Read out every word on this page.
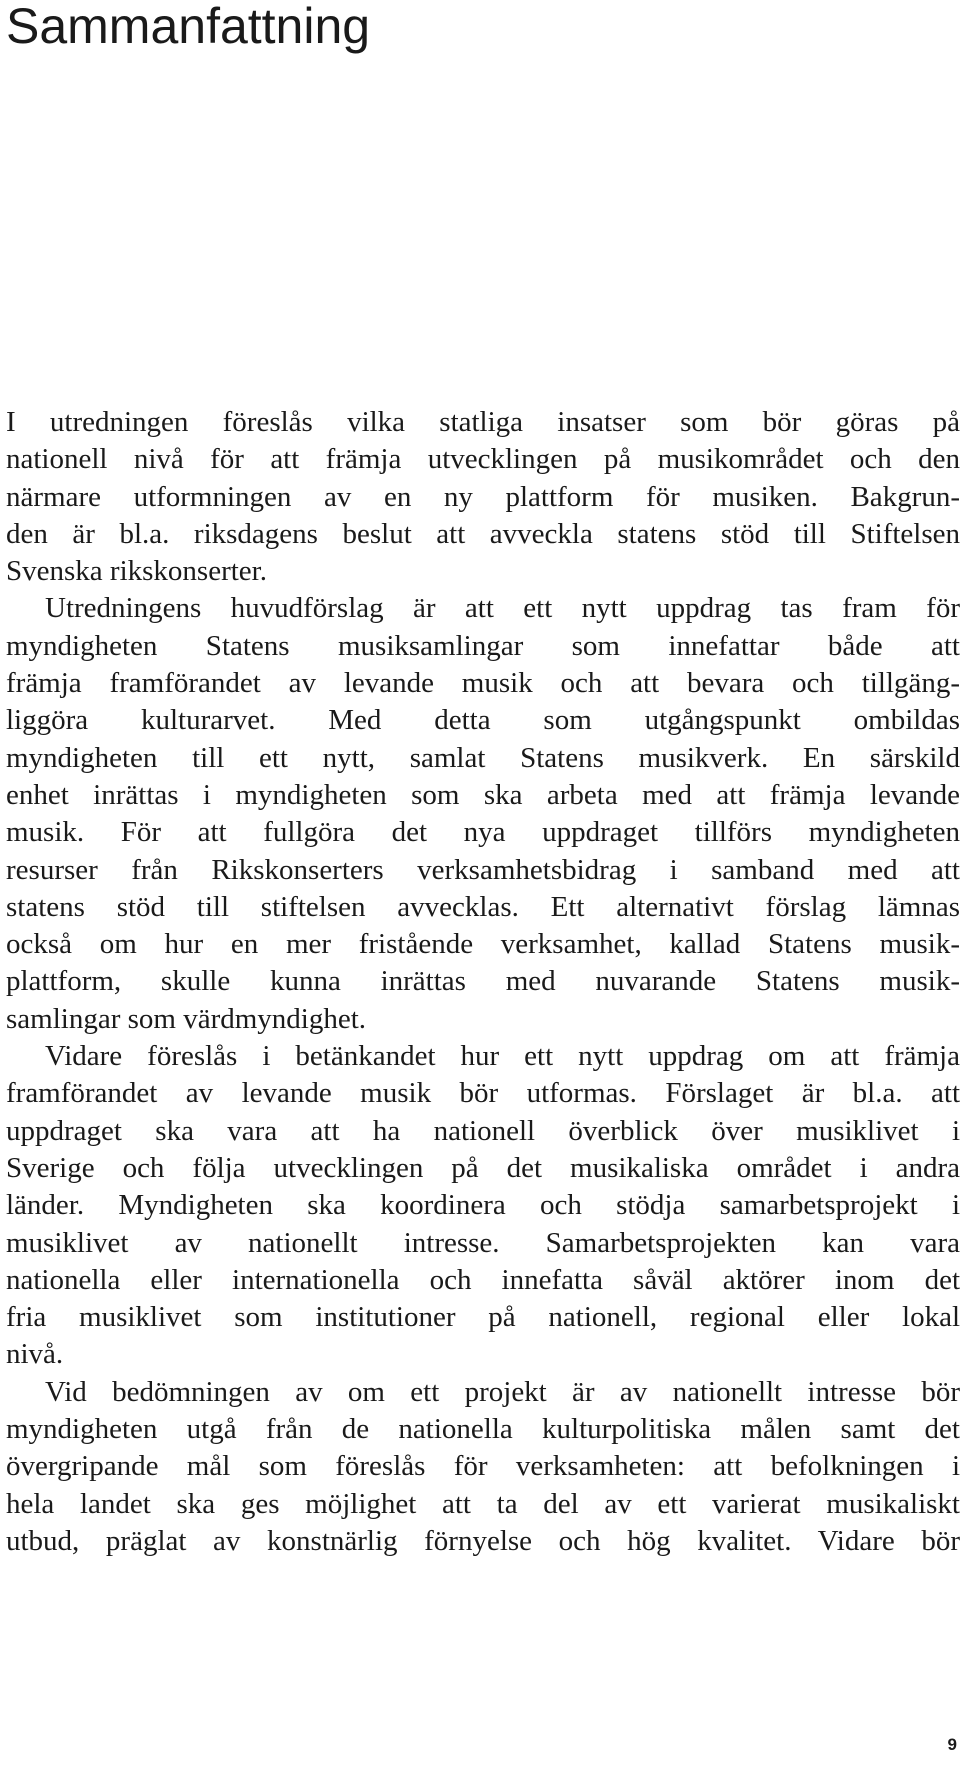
Sammanfattning
I utredningen föreslås vilka statliga insatser som bör göras på
nationell nivå för att främja utvecklingen på musikområdet och den
närmare utformningen av en ny plattform för musiken. Bakgrun-
den är bl.a. riksdagens beslut att avveckla statens stöd till Stiftelsen
Svenska rikskonserter.
Utredningens huvudförslag är att ett nytt uppdrag tas fram för
myndigheten Statens musiksamlingar som innefattar både att
främja framförandet av levande musik och att bevara och tillgäng-
liggöra kulturarvet. Med detta som utgångspunkt ombildas
myndigheten till ett nytt, samlat Statens musikverk. En särskild
enhet inrättas i myndigheten som ska arbeta med att främja levande
musik. För att fullgöra det nya uppdraget tillförs myndigheten
resurser från Rikskonserters verksamhetsbidrag i samband med att
statens stöd till stiftelsen avvecklas. Ett alternativt förslag lämnas
också om hur en mer fristående verksamhet, kallad Statens musik-
plattform, skulle kunna inrättas med nuvarande Statens musik-
samlingar som värdmyndighet.
Vidare föreslås i betänkandet hur ett nytt uppdrag om att främja
framförandet av levande musik bör utformas. Förslaget är bl.a. att
uppdraget ska vara att ha nationell överblick över musiklivet i
Sverige och följa utvecklingen på det musikaliska området i andra
länder. Myndigheten ska koordinera och stödja samarbetsprojekt i
musiklivet av nationellt intresse. Samarbetsprojekten kan vara
nationella eller internationella och innefatta såväl aktörer inom det
fria musiklivet som institutioner på nationell, regional eller lokal
nivå.
Vid bedömningen av om ett projekt är av nationellt intresse bör
myndigheten utgå från de nationella kulturpolitiska målen samt det
övergripande mål som föreslås för verksamheten: att befolkningen i
hela landet ska ges möjlighet att ta del av ett varierat musikaliskt
utbud, präglat av konstnärlig förnyelse och hög kvalitet. Vidare bör
9
